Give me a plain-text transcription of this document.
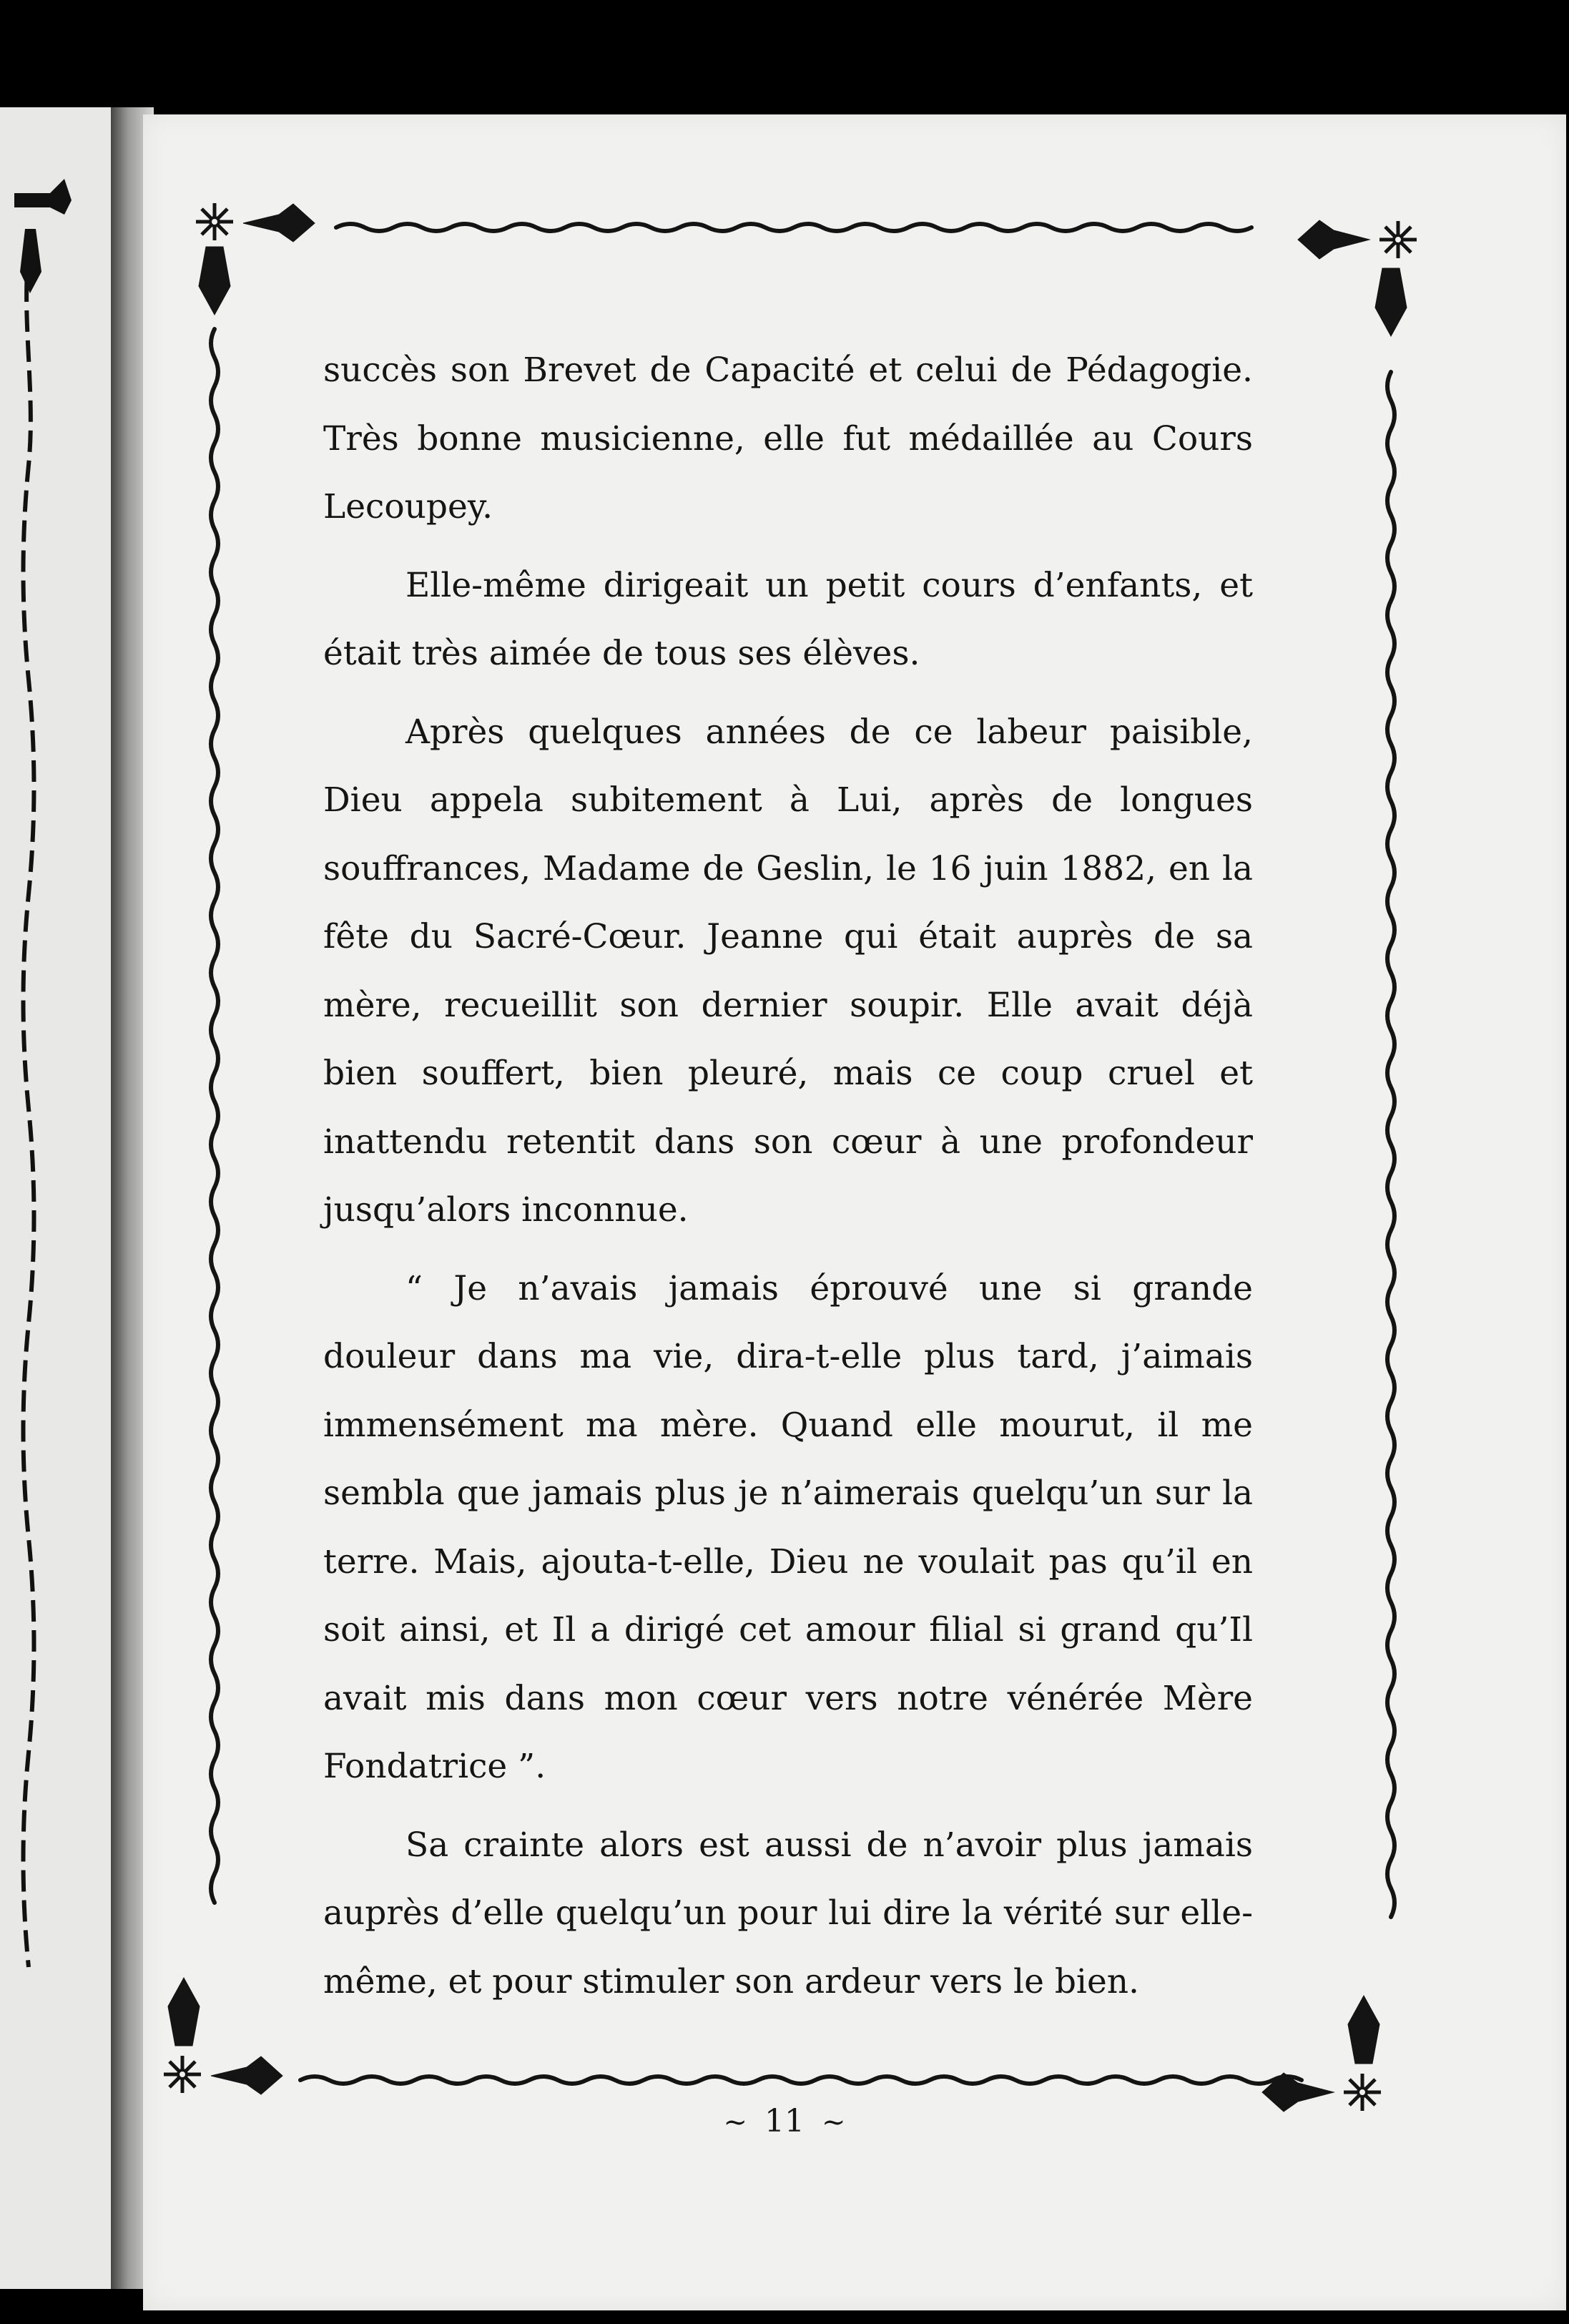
succès son Brevet de Capacité et celui de Pédagogie. Très bonne musicienne, elle fut médaillée au Cours Lecoupey.

Elle-même dirigeait un petit cours d’enfants, et était très aimée de tous ses élèves.

Après quelques années de ce labeur paisible, Dieu appela subitement à Lui, après de longues souffrances, Madame de Geslin, le 16 juin 1882, en la fête du Sacré-Cœur. Jeanne qui était auprès de sa mère, recueillit son dernier soupir. Elle avait déjà bien souffert, bien pleuré, mais ce coup cruel et inattendu retentit dans son cœur à une profondeur jusqu’alors inconnue.

“ Je n’avais jamais éprouvé une si grande douleur dans ma vie, dira-t-elle plus tard, j’aimais immensément ma mère. Quand elle mourut, il me sembla que jamais plus je n’aimerais quelqu’un sur la terre. Mais, ajouta-t-elle, Dieu ne voulait pas qu’il en soit ainsi, et Il a dirigé cet amour filial si grand qu’Il avait mis dans mon cœur vers notre vénérée Mère Fondatrice ”.

Sa crainte alors est aussi de n’avoir plus jamais auprès d’elle quelqu’un pour lui dire la vérité sur elle-même, et pour stimuler son ardeur vers le bien.

~ 11 ~
